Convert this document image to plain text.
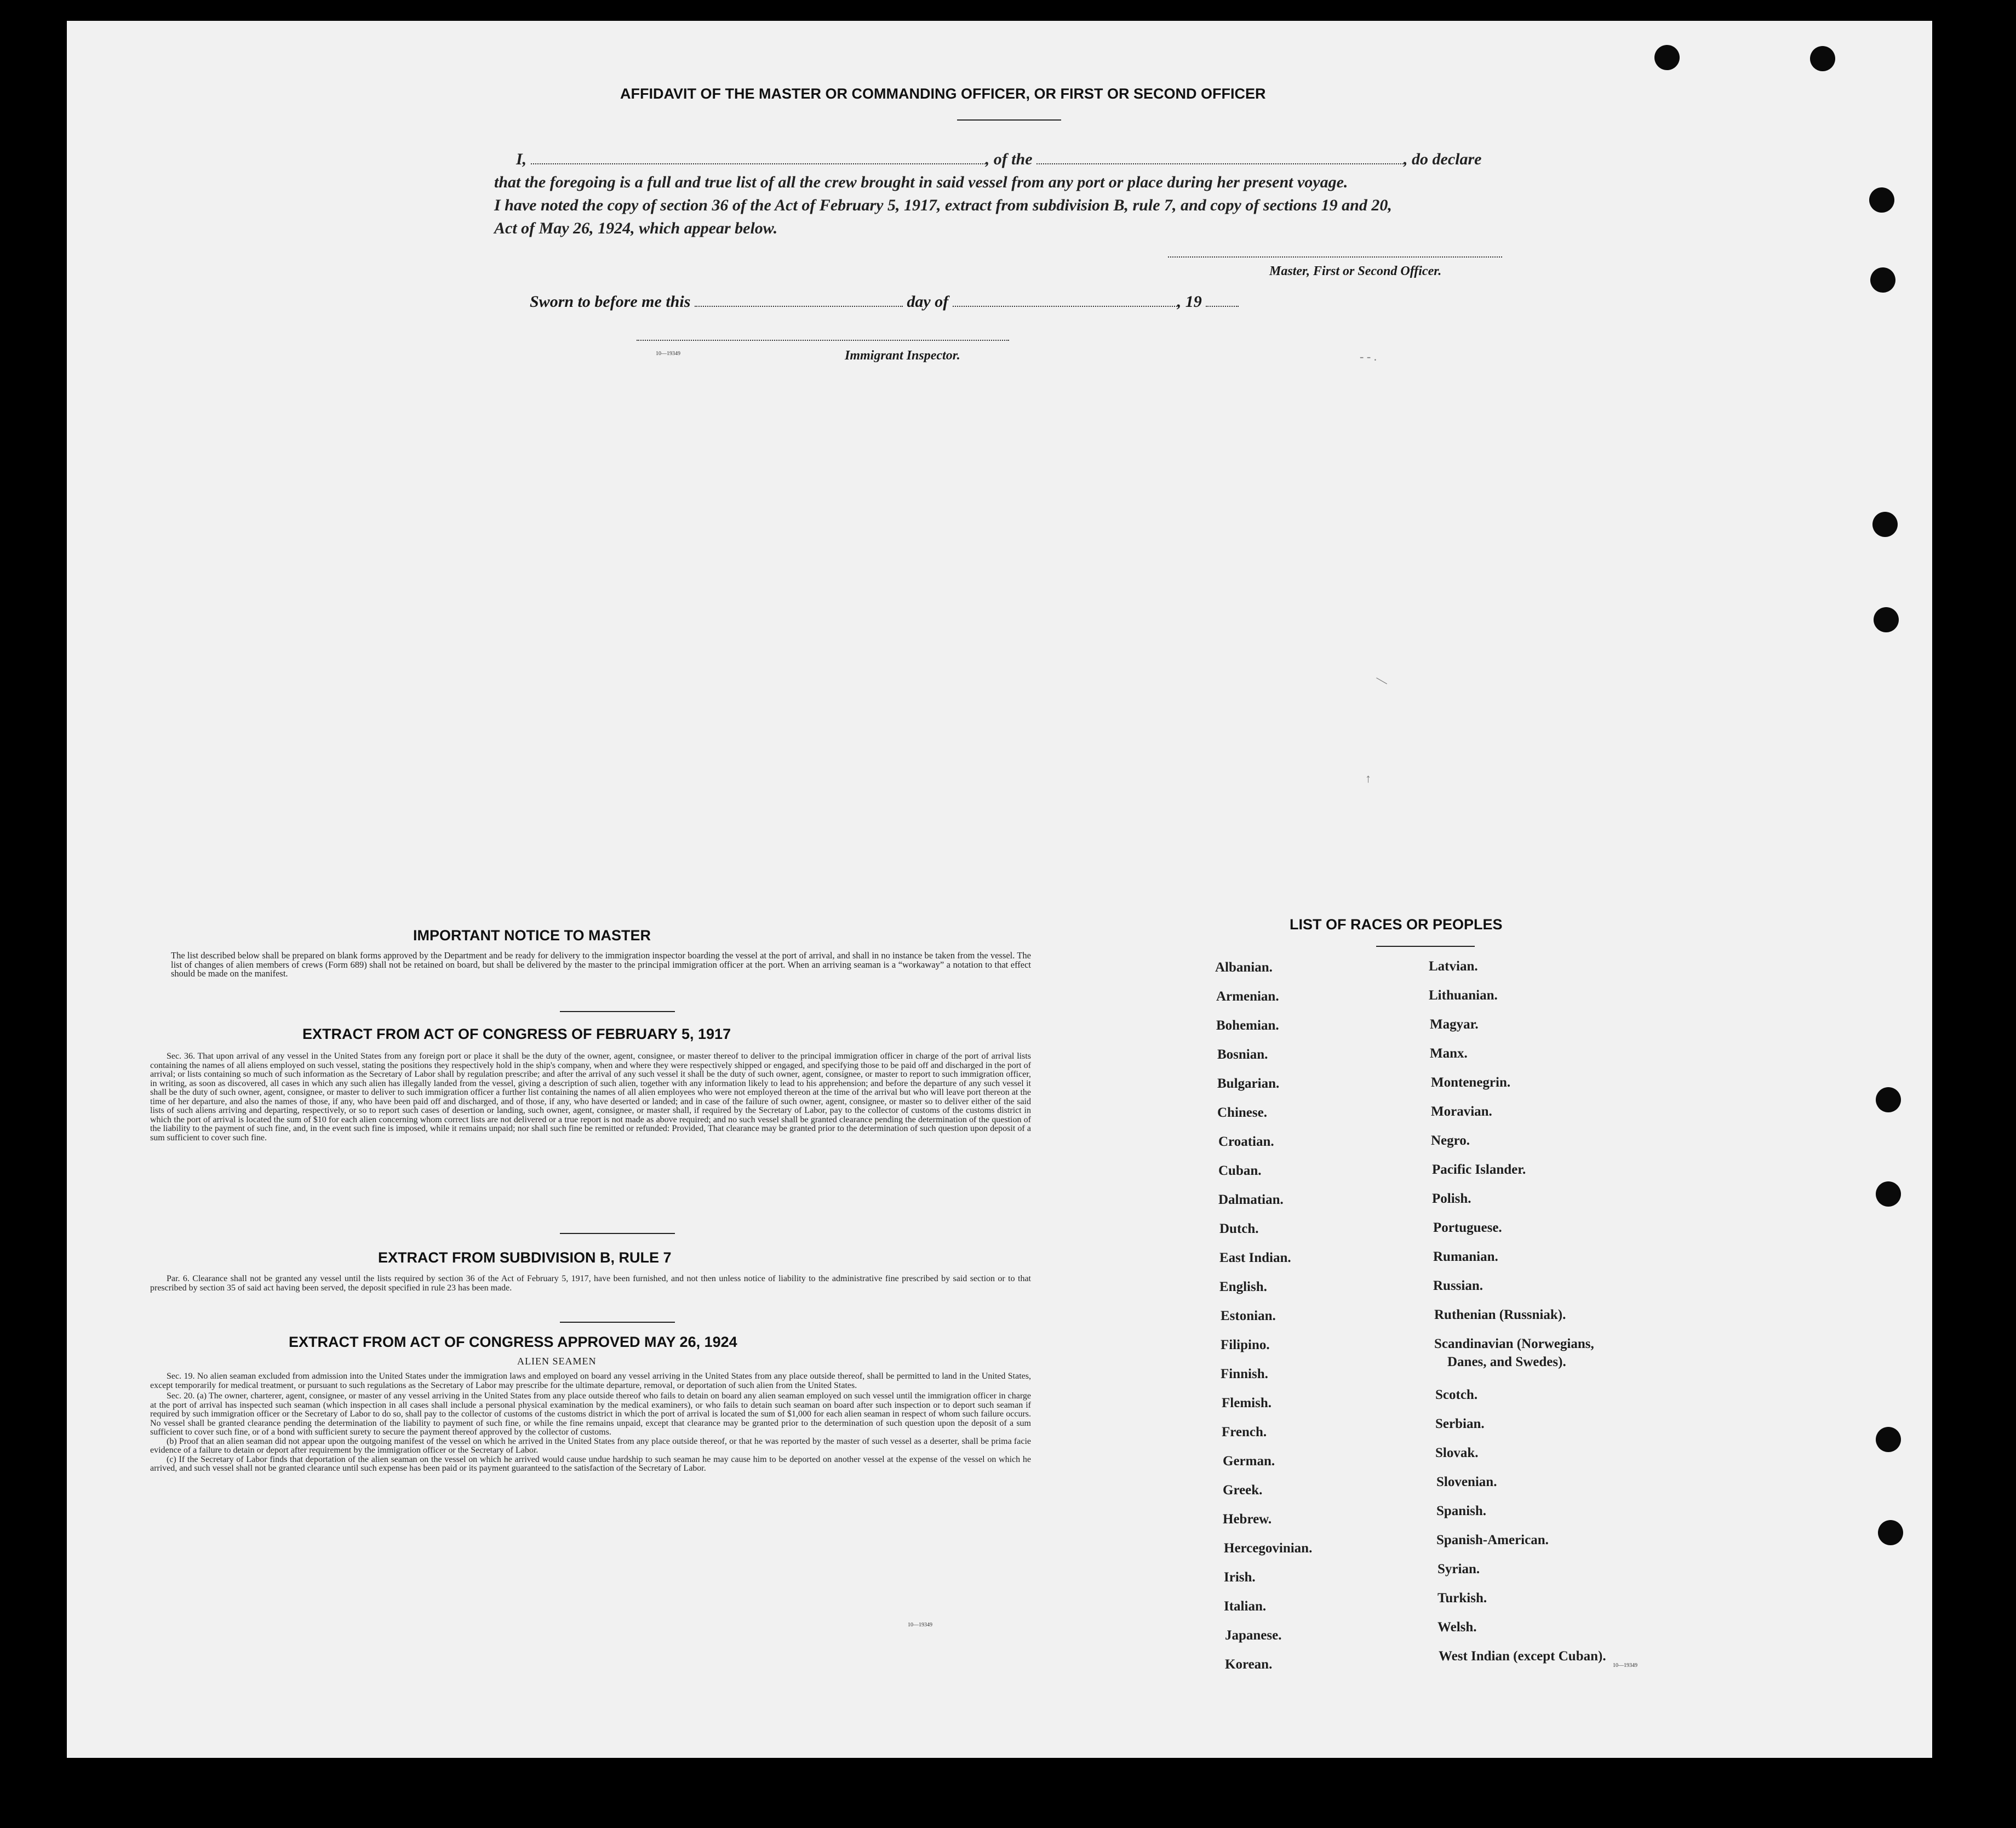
AFFIDAVIT OF THE MASTER OR COMMANDING OFFICER, OR FIRST OR SECOND OFFICER
I,	, of the	, do declare
that the foregoing is a full and true list of all the crew brought in said vessel from any port or place during her present voyage.
I have noted the copy of section 36 of the Act of February 5, 1917, extract from subdivision B, rule 7, and copy of sections 19 and 20,
Act of May 26, 1924, which appear below.
Master, First or Second Officer.
Sworn to before me this	day of	, 19
10—19349	Immigrant Inspector.	- - .
—
↑
IMPORTANT NOTICE TO MASTER
The list described below shall be prepared on blank forms approved by the Department and be ready for delivery to the immigration inspector boarding the vessel at the port of arrival, and shall in no instance be taken from the vessel. The list of changes of alien members of crews (Form 689) shall not be retained on board, but shall be delivered by the master to the principal immigration officer at the port. When an arriving seaman is a “workaway” a notation to that effect should be made on the manifest.
EXTRACT FROM ACT OF CONGRESS OF FEBRUARY 5, 1917
Sec. 36. That upon arrival of any vessel in the United States from any foreign port or place it shall be the duty of the owner, agent, consignee, or master thereof to deliver to the principal immigration officer in charge of the port of arrival lists containing the names of all aliens employed on such vessel, stating the positions they respectively hold in the ship's company, when and where they were respectively shipped or engaged, and specifying those to be paid off and discharged in the port of arrival; or lists containing so much of such information as the Secretary of Labor shall by regulation prescribe; and after the arrival of any such vessel it shall be the duty of such owner, agent, consignee, or master to report to such immigration officer, in writing, as soon as discovered, all cases in which any such alien has illegally landed from the vessel, giving a description of such alien, together with any information likely to lead to his apprehension; and before the departure of any such vessel it shall be the duty of such owner, agent, consignee, or master to deliver to such immigration officer a further list containing the names of all alien employees who were not employed thereon at the time of the arrival but who will leave port thereon at the time of her departure, and also the names of those, if any, who have been paid off and discharged, and of those, if any, who have deserted or landed; and in case of the failure of such owner, agent, consignee, or master so to deliver either of the said lists of such aliens arriving and departing, respectively, or so to report such cases of desertion or landing, such owner, agent, consignee, or master shall, if required by the Secretary of Labor, pay to the collector of customs of the customs district in which the port of arrival is located the sum of $10 for each alien concerning whom correct lists are not delivered or a true report is not made as above required; and no such vessel shall be granted clearance pending the determination of the question of the liability to the payment of such fine, and, in the event such fine is imposed, while it remains unpaid; nor shall such fine be remitted or refunded: Provided, That clearance may be granted prior to the determination of such question upon deposit of a sum sufficient to cover such fine.
EXTRACT FROM SUBDIVISION B, RULE 7
Par. 6. Clearance shall not be granted any vessel until the lists required by section 36 of the Act of February 5, 1917, have been furnished, and not then unless notice of liability to the administrative fine prescribed by said section or to that prescribed by section 35 of said act having been served, the deposit specified in rule 23 has been made.
EXTRACT FROM ACT OF CONGRESS APPROVED MAY 26, 1924
ALIEN SEAMEN
Sec. 19. No alien seaman excluded from admission into the United States under the immigration laws and employed on board any vessel arriving in the United States from any place outside thereof, shall be permitted to land in the United States, except temporarily for medical treatment, or pursuant to such regulations as the Secretary of Labor may prescribe for the ultimate departure, removal, or deportation of such alien from the United States.
Sec. 20. (a) The owner, charterer, agent, consignee, or master of any vessel arriving in the United States from any place outside thereof who fails to detain on board any alien seaman employed on such vessel until the immigration officer in charge at the port of arrival has inspected such seaman (which inspection in all cases shall include a personal physical examination by the medical examiners), or who fails to detain such seaman on board after such inspection or to deport such seaman if required by such immigration officer or the Secretary of Labor to do so, shall pay to the collector of customs of the customs district in which the port of arrival is located the sum of $1,000 for each alien seaman in respect of whom such failure occurs. No vessel shall be granted clearance pending the determination of the liability to payment of such fine, or while the fine remains unpaid, except that clearance may be granted prior to the determination of such question upon the deposit of a sum sufficient to cover such fine, or of a bond with sufficient surety to secure the payment thereof approved by the collector of customs.
(b) Proof that an alien seaman did not appear upon the outgoing manifest of the vessel on which he arrived in the United States from any place outside thereof, or that he was reported by the master of such vessel as a deserter, shall be prima facie evidence of a failure to detain or deport after requirement by the immigration officer or the Secretary of Labor.
(c) If the Secretary of Labor finds that deportation of the alien seaman on the vessel on which he arrived would cause undue hardship to such seaman he may cause him to be deported on another vessel at the expense of the vessel on which he arrived, and such vessel shall not be granted clearance until such expense has been paid or its payment guaranteed to the satisfaction of the Secretary of Labor.
10—19349
LIST OF RACES OR PEOPLES
Albanian.
Armenian.
Bohemian.
Bosnian.
Bulgarian.
Chinese.
Croatian.
Cuban.
Dalmatian.
Dutch.
East Indian.
English.
Estonian.
Filipino.
Finnish.
Flemish.
French.
German.
Greek.
Hebrew.
Hercegovinian.
Irish.
Italian.
Japanese.
Korean.
Latvian.
Lithuanian.
Magyar.
Manx.
Montenegrin.
Moravian.
Negro.
Pacific Islander.
Polish.
Portuguese.
Rumanian.
Russian.
Ruthenian (Russniak).
Scandinavian (Norwegians,
Danes, and Swedes).
Scotch.
Serbian.
Slovak.
Slovenian.
Spanish.
Spanish-American.
Syrian.
Turkish.
Welsh.
West Indian (except Cuban).
10—19349
